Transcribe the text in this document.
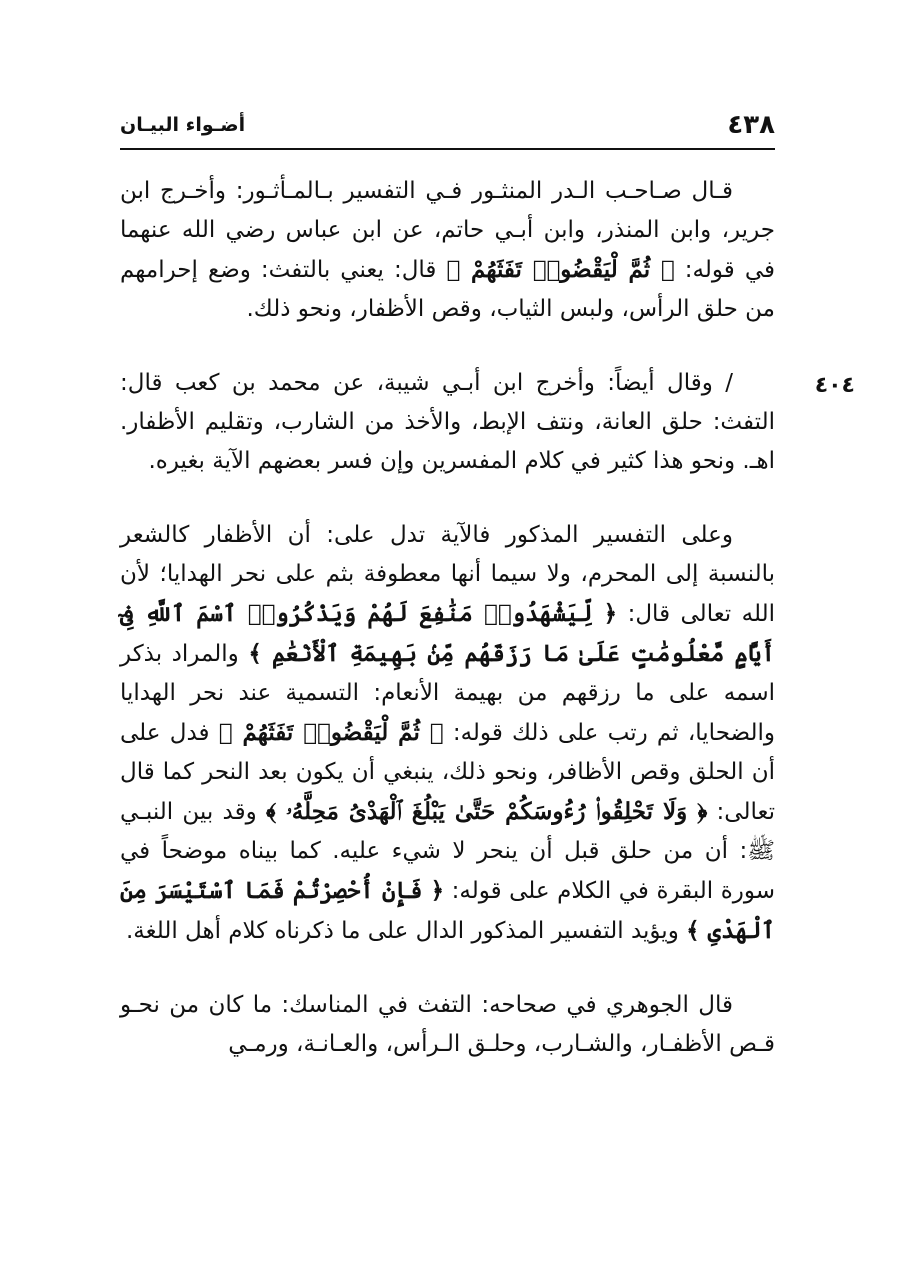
٤٣٨
أضـواء البيـان

قـال صـاحـب الـدر المنثـور فـي التفسير بـالمـأثـور: وأخـرج ابن جرير، وابن المنذر، وابن أبـي حاتم، عن ابن عباس رضي الله عنهما في قوله: ﴿ ثُمَّ لْيَقْضُوا۟ تَفَثَهُمْ ﴾ قال: يعني بالتفث: وضع إحرامهم من حلق الرأس، ولبس الثياب، وقص الأظفار، ونحو ذلك.

٤٠٤
/ وقال أيضاً: وأخرج ابن أبـي شيبة، عن محمد بن كعب قال: التفث: حلق العانة، ونتف الإبط، والأخذ من الشارب، وتقليم الأظفار. اهـ. ونحو هذا كثير في كلام المفسرين وإن فسر بعضهم الآية بغيره.

وعلى التفسير المذكور فالآية تدل على: أن الأظفار كالشعر بالنسبة إلى المحرم، ولا سيما أنها معطوفة بثم على نحر الهدايا؛ لأن الله تعالى قال: ﴿ لِّيَشْهَدُوا۟ مَنَٰفِعَ لَهُمْ وَيَذْكُرُوا۟ ٱسْمَ ٱللَّهِ فِىٓ أَيَّامٍ مَّعْلُومَٰتٍ عَلَىٰ مَا رَزَقَهُم مِّنۢ بَهِيمَةِ ٱلْأَنْعَٰمِ ﴾ والمراد بذكر اسمه على ما رزقهم من بهيمة الأنعام: التسمية عند نحر الهدايا والضحايا، ثم رتب على ذلك قوله: ﴿ ثُمَّ لْيَقْضُوا۟ تَفَثَهُمْ ﴾ فدل على أن الحلق وقص الأظافر، ونحو ذلك، ينبغي أن يكون بعد النحر كما قال تعالى: ﴿ وَلَا تَحْلِقُوا۟ رُءُوسَكُمْ حَتَّىٰ يَبْلُغَ ٱلْهَدْىُ مَحِلَّهُۥ ﴾ وقد بين النبـي ﷺ: أن من حلق قبل أن ينحر لا شيء عليه. كما بيناه موضحاً في سورة البقرة في الكلام على قوله: ﴿ فَإِنْ أُحْصِرْتُمْ فَمَا ٱسْتَيْسَرَ مِنَ ٱلْهَدْىِ ﴾ ويؤيد التفسير المذكور الدال على ما ذكرناه كلام أهل اللغة.

قال الجوهري في صحاحه: التفث في المناسك: ما كان من نحـو قـص الأظفـار، والشـارب، وحلـق الـرأس، والعـانـة، ورمـي
